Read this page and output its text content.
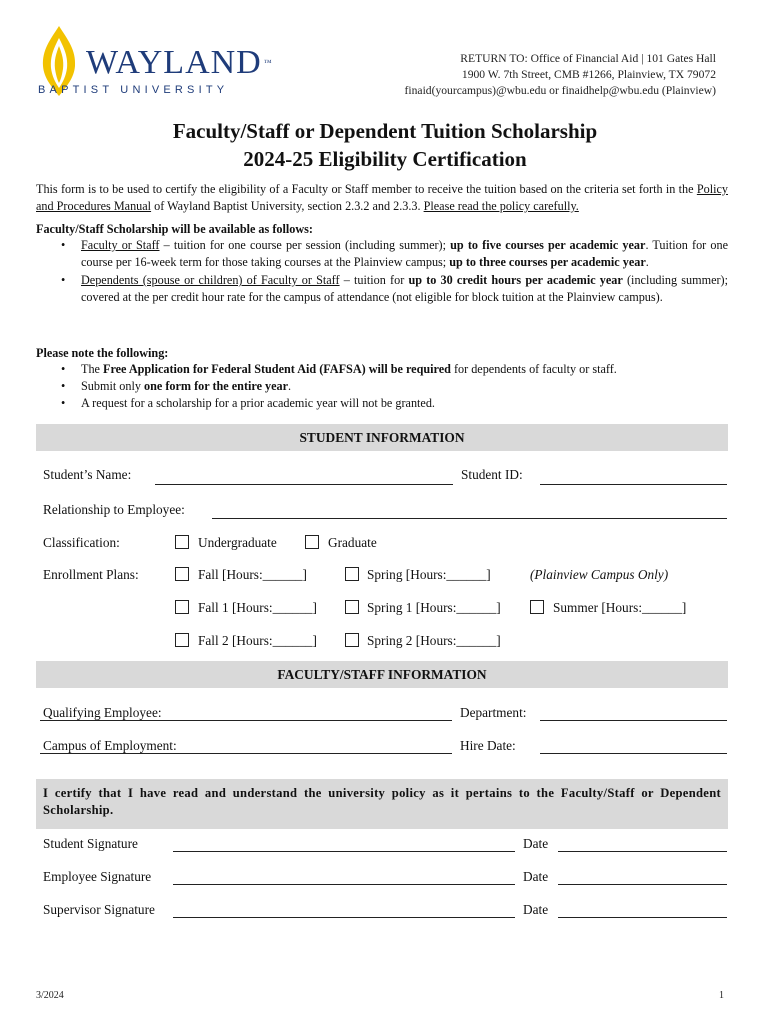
WAYLAND ™
BAPTIST UNIVERSITY
RETURN TO: Office of Financial Aid | 101 Gates Hall
1900 W. 7th Street, CMB #1266, Plainview, TX 79072
finaid(yourcampus)@wbu.edu or finaidhelp@wbu.edu (Plainview)
Faculty/Staff or Dependent Tuition Scholarship
2024-25 Eligibility Certification
This form is to be used to certify the eligibility of a Faculty or Staff member to receive the tuition based on the criteria set forth in the Policy and Procedures Manual of Wayland Baptist University, section 2.3.2 and 2.3.3. Please read the policy carefully.
Faculty/Staff Scholarship will be available as follows:
• Faculty or Staff – tuition for one course per session (including summer); up to five courses per academic year. Tuition for one course per 16-week term for those taking courses at the Plainview campus; up to three courses per academic year.
• Dependents (spouse or children) of Faculty or Staff – tuition for up to 30 credit hours per academic year (including summer); covered at the per credit hour rate for the campus of attendance (not eligible for block tuition at the Plainview campus).
Please note the following:
• The Free Application for Federal Student Aid (FAFSA) will be required for dependents of faculty or staff.
• Submit only one form for the entire year.
• A request for a scholarship for a prior academic year will not be granted.
STUDENT INFORMATION
Student’s Name:	Student ID:
Relationship to Employee:
Classification:	Undergraduate	Graduate
Enrollment Plans:	Fall [Hours:______]	Spring [Hours:______]	(Plainview Campus Only)
Fall 1 [Hours:______]	Spring 1 [Hours:______]	Summer [Hours:______]
Fall 2 [Hours:______]	Spring 2 [Hours:______]
FACULTY/STAFF INFORMATION
Qualifying Employee:	Department:
Campus of Employment:	Hire Date:
I certify that I have read and understand the university policy as it pertains to the Faculty/Staff or Dependent Scholarship.
Student Signature	Date
Employee Signature	Date
Supervisor Signature	Date
3/2024	1
